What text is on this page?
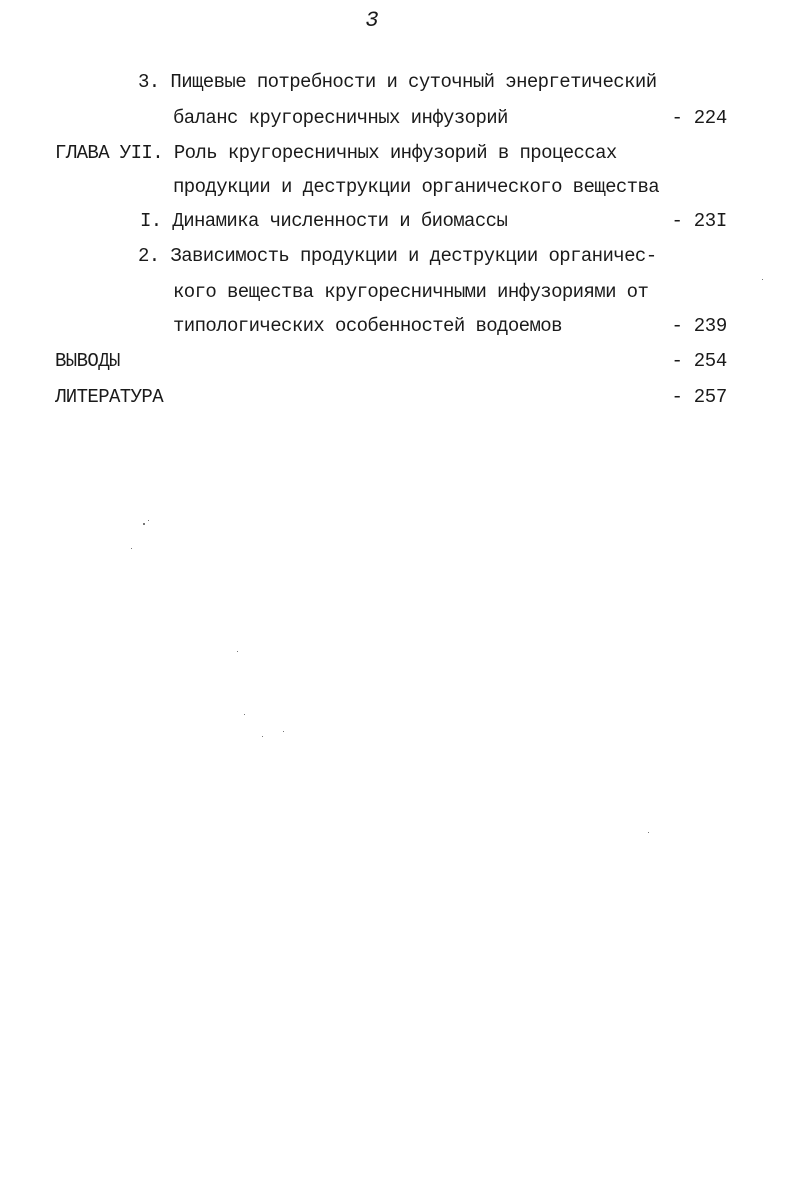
3
3. Пищевые потребности и суточный энергетический
баланс кругоресничных инфузорий	- 224
ГЛАВА УII. Роль кругоресничных инфузорий в процессах
продукции и деструкции органического вещества
I. Динамика численности и биомассы	- 23I
2. Зависимость продукции и деструкции органичес-
кого вещества кругоресничными инфузориями от
типологических особенностей водоемов	- 239
ВЫВОДЫ	- 254
ЛИТЕРАТУРА	- 257
